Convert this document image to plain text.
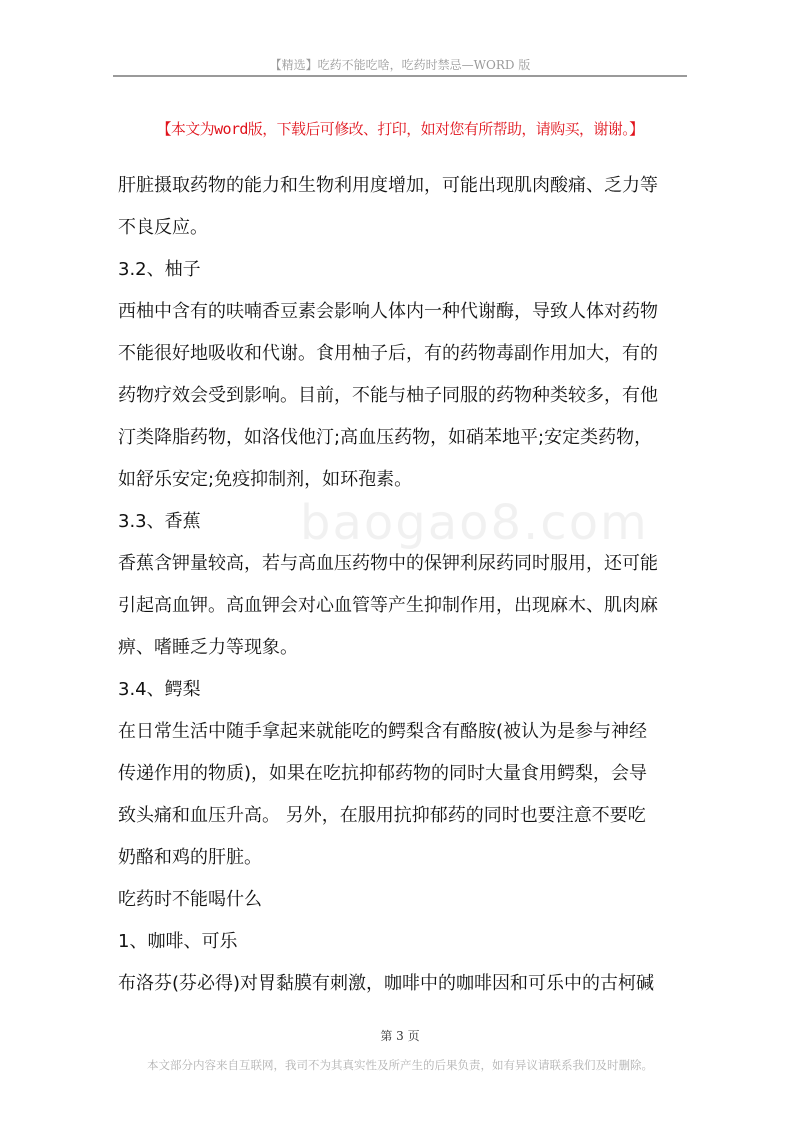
【精选】吃药不能吃啥，吃药时禁忌—WORD 版
【本文为word版，下载后可修改、打印，如对您有所帮助，请购买，谢谢。】
baogao8.com
肝脏摄取药物的能力和生物利用度增加，可能出现肌肉酸痛、乏力等
不良反应。
3.2、柚子
西柚中含有的呋喃香豆素会影响人体内一种代谢酶，导致人体对药物
不能很好地吸收和代谢。食用柚子后，有的药物毒副作用加大，有的
药物疗效会受到影响。目前，不能与柚子同服的药物种类较多，有他
汀类降脂药物，如洛伐他汀;高血压药物，如硝苯地平;安定类药物，
如舒乐安定;免疫抑制剂，如环孢素。
3.3、香蕉
香蕉含钾量较高，若与高血压药物中的保钾利尿药同时服用，还可能
引起高血钾。高血钾会对心血管等产生抑制作用，出现麻木、肌肉麻
痹、嗜睡乏力等现象。
3.4、鳄梨
在日常生活中随手拿起来就能吃的鳄梨含有酪胺(被认为是参与神经
传递作用的物质)，如果在吃抗抑郁药物的同时大量食用鳄梨，会导
致头痛和血压升高。 另外，在服用抗抑郁药的同时也要注意不要吃
奶酪和鸡的肝脏。
吃药时不能喝什么
1、咖啡、可乐
布洛芬(芬必得)对胃黏膜有刺激，咖啡中的咖啡因和可乐中的古柯碱
第 3 页
本文部分内容来自互联网，我司不为其真实性及所产生的后果负责，如有异议请联系我们及时删除。
